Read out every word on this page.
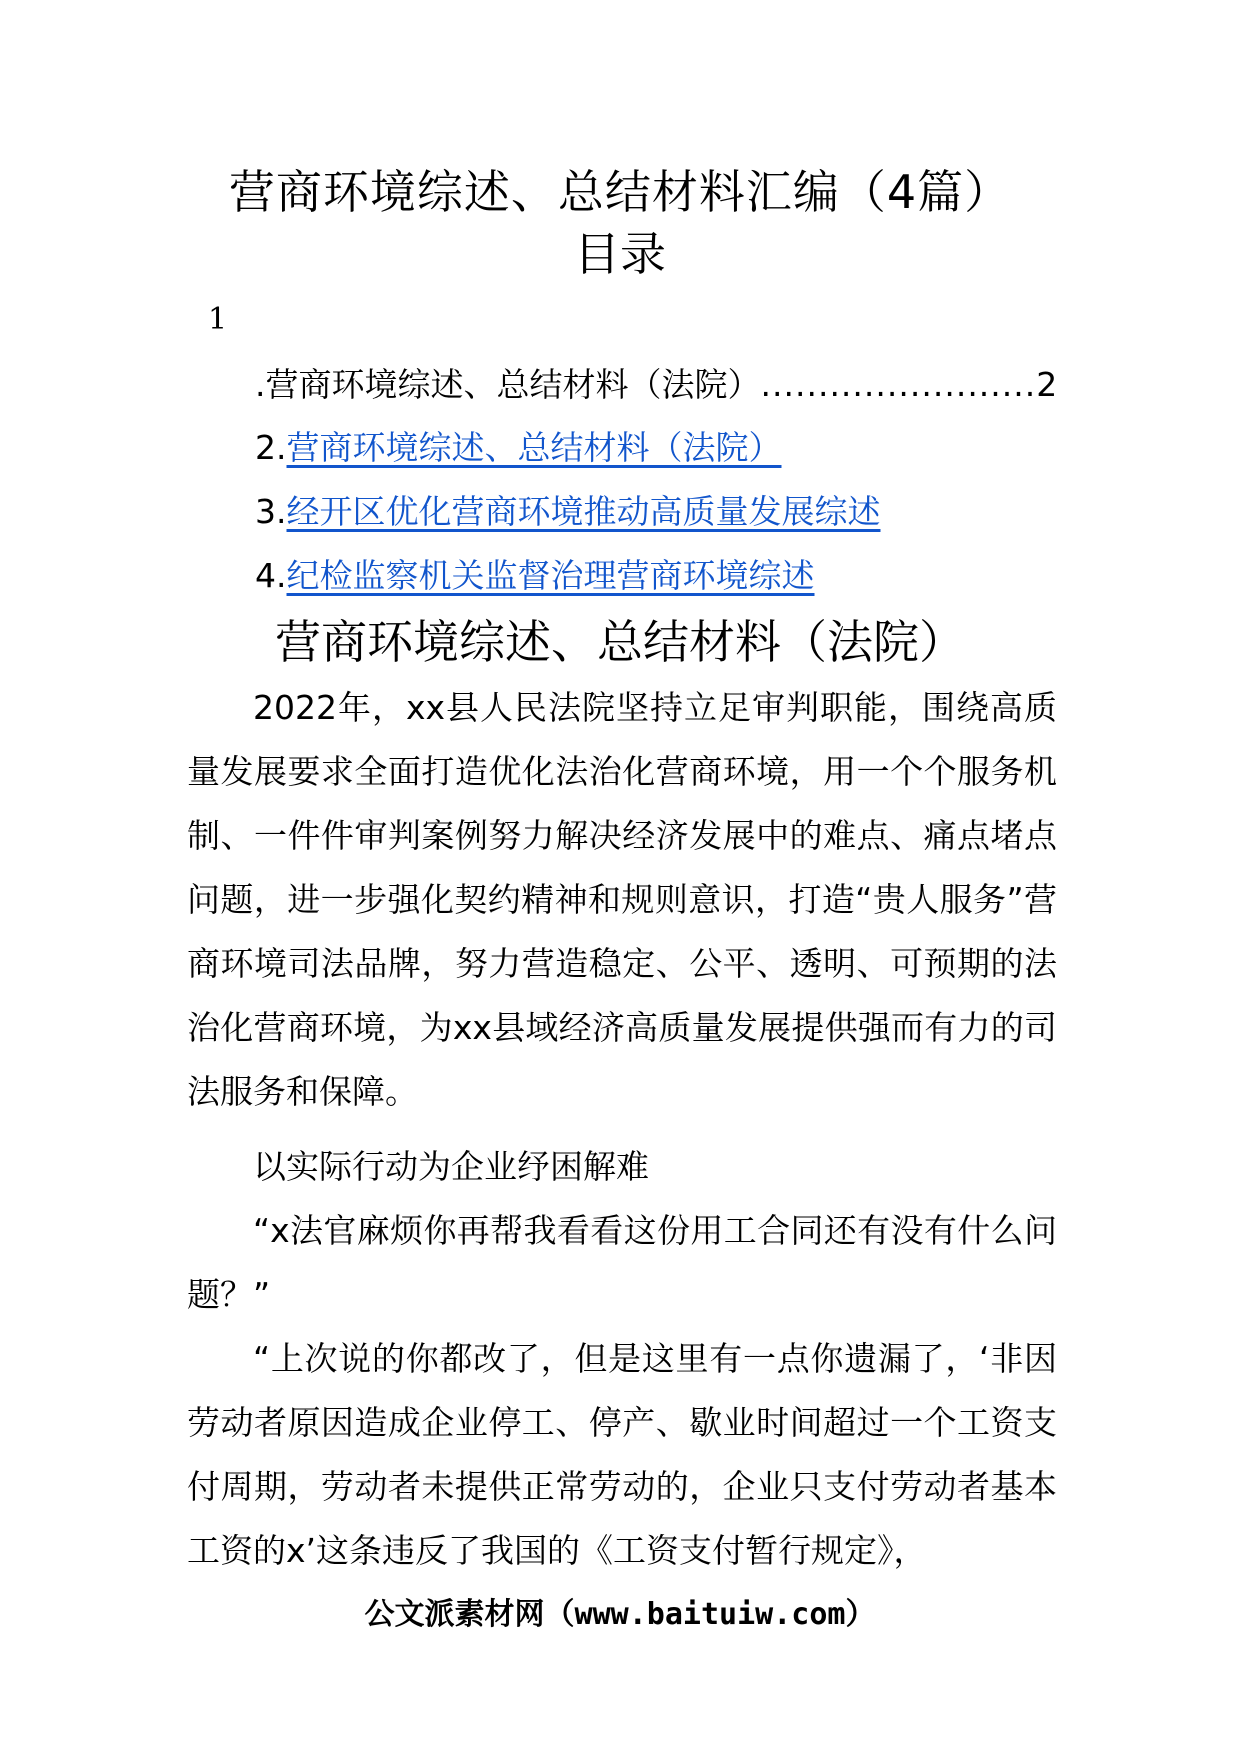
营商环境综述、总结材料汇编（4篇）
目录
1
.营商环境综述、总结材料（法院）........................2
2.营商环境综述、总结材料（法院）
3.经开区优化营商环境推动高质量发展综述
4.纪检监察机关监督治理营商环境综述
营商环境综述、总结材料（法院）
2022年，xx县人民法院坚持立足审判职能，围绕高质量发展要求全面打造优化法治化营商环境，用一个个服务机制、一件件审判案例努力解决经济发展中的难点、痛点堵点问题，进一步强化契约精神和规则意识，打造“贵人服务”营商环境司法品牌，努力营造稳定、公平、透明、可预期的法治化营商环境，为xx县域经济高质量发展提供强而有力的司法服务和保障。
以实际行动为企业纾困解难
“x法官麻烦你再帮我看看这份用工合同还有没有什么问题？”
“上次说的你都改了，但是这里有一点你遗漏了，‘非因劳动者原因造成企业停工、停产、歇业时间超过一个工资支付周期，劳动者未提供正常劳动的，企业只支付劳动者基本工资的x’这条违反了我国的《工资支付暂行规定》，
公文派素材网（www.baituiw.com）
